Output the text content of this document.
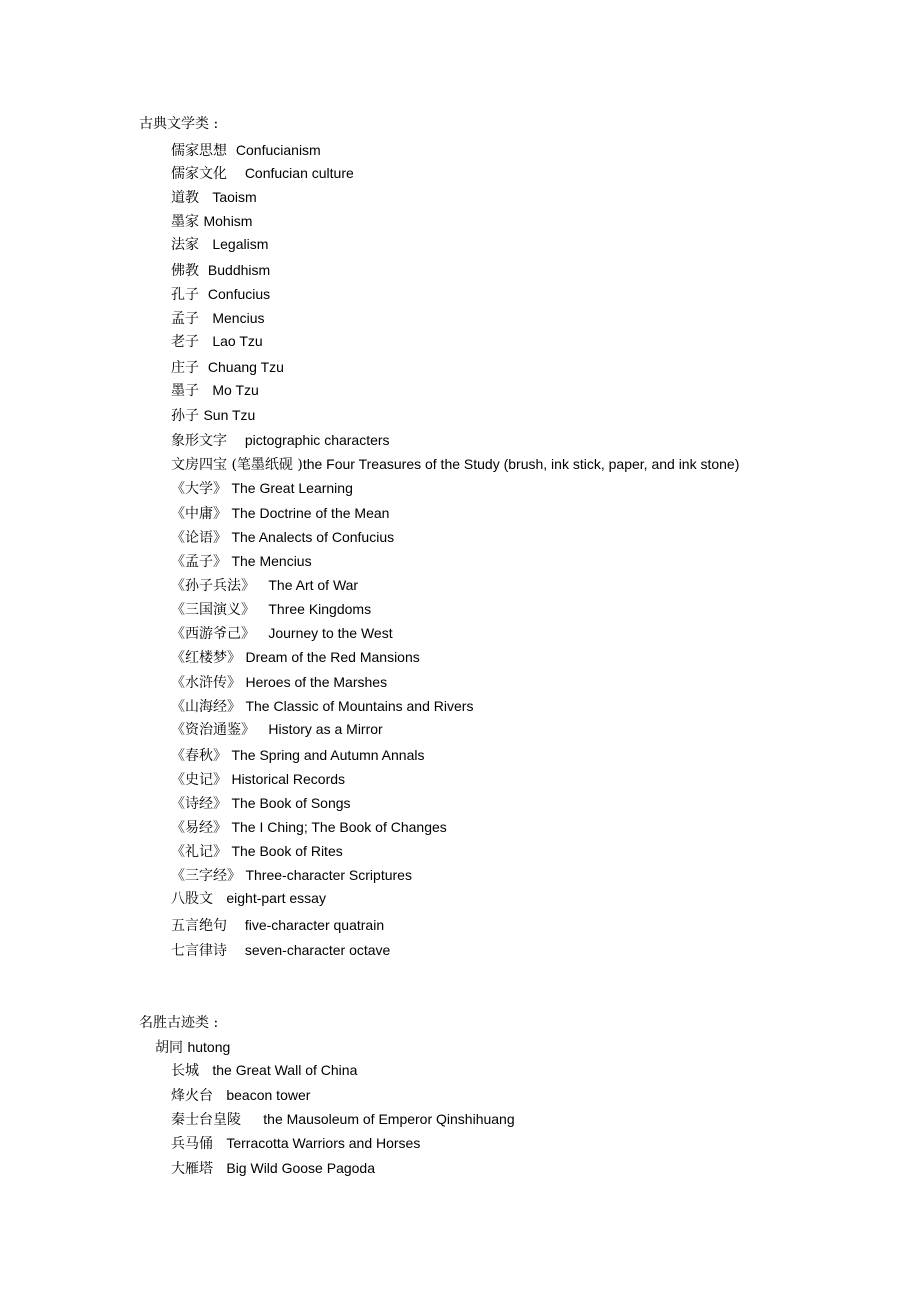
古典文学类 :
儒家思想  Confucianism
儒家文化    Confucian culture
道教   Taoism
墨家 Mohism
法家   Legalism
佛教  Buddhism
孔子  Confucius
孟子   Mencius
老子   Lao Tzu
庄子  Chuang Tzu
墨子   Mo Tzu
孙子 Sun Tzu
象形文字    pictographic characters
文房四宝 (笔墨纸砚 )the Four Treasures of the Study (brush, ink stick, paper, and ink stone)
《大学》 The Great Learning
《中庸》 The Doctrine of the Mean
《论语》 The Analects of Confucius
《孟子》 The Mencius
《孙子兵法》   The Art of War
《三国演义》   Three Kingdoms
《西游爷己》   Journey to the West
《红楼梦》 Dream of the Red Mansions
《水浒传》 Heroes of the Marshes
《山海经》 The Classic of Mountains and Rivers
《资治通鉴》   History as a Mirror
《春秋》 The Spring and Autumn Annals
《史记》 Historical Records
《诗经》 The Book of Songs
《易经》 The I Ching; The Book of Changes
《礼记》 The Book of Rites
《三字经》 Three-character Scriptures
八股文   eight-part essay
五言绝句    five-character quatrain
七言律诗    seven-character octave
名胜古迹类 :
胡同 hutong
长城   the Great Wall of China
烽火台   beacon tower
秦士台皇陵     the Mausoleum of Emperor Qinshihuang
兵马俑   Terracotta Warriors and Horses
大雁塔   Big Wild Goose Pagoda
